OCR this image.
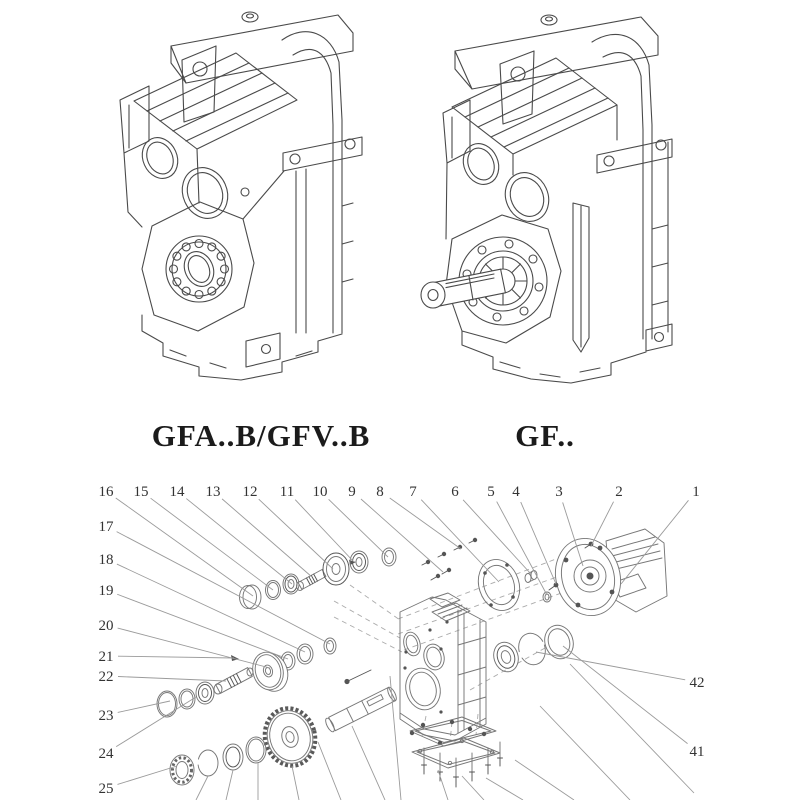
16 15 14 13 12 11 10 9 8 7 6 5 4 3	2	1
17
18
19
20
21
22
23
24
25
42
41
GFA..B/GFV..B	GF..
